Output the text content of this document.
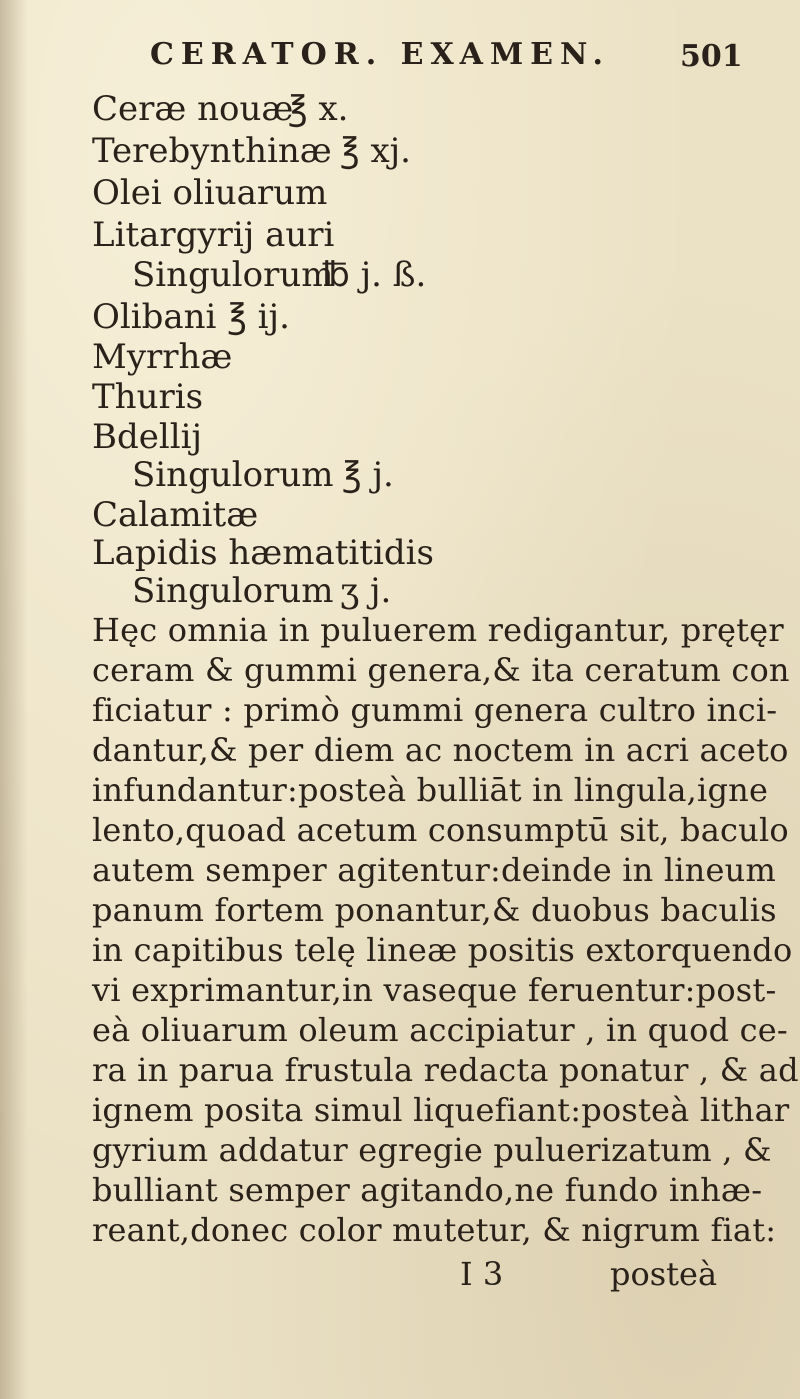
CERATOR. EXAMEN. 501
Ceræ nouæ
℥ x.
Terebynthinæ ℥ xj.
Olei oliuarum
Litargyrij auri
Singulorum
℔ j. ß.
Olibani ℥ ij.
Myrrhæ
Thuris
Bdellij
Singulorum ℥ j.
Calamitæ
Lapidis hæmatitidis
Singulorum ʒ j.
Hęc omnia in puluerem redigantur, prętęr
ceram & gummi genera,& ita ceratum con
ficiatur : primò gummi genera cultro inci-
dantur,& per diem ac noctem in acri aceto
infundantur:posteà bulliāt in lingula,igne
lento,quoad acetum consumptū sit, baculo
autem semper agitentur:deinde in lineum
panum fortem ponantur,& duobus baculis
in capitibus telę lineæ positis extorquendo
vi exprimantur,in vaseque feruentur:post-
eà oliuarum oleum accipiatur , in quod ce-
ra in parua frustula redacta ponatur , & ad
ignem posita simul liquefiant:posteà lithar
gyrium addatur egregie puluerizatum , &
bulliant semper agitando,ne fundo inhæ-
reant,donec color mutetur, & nigrum fiat:
I 3	posteà
